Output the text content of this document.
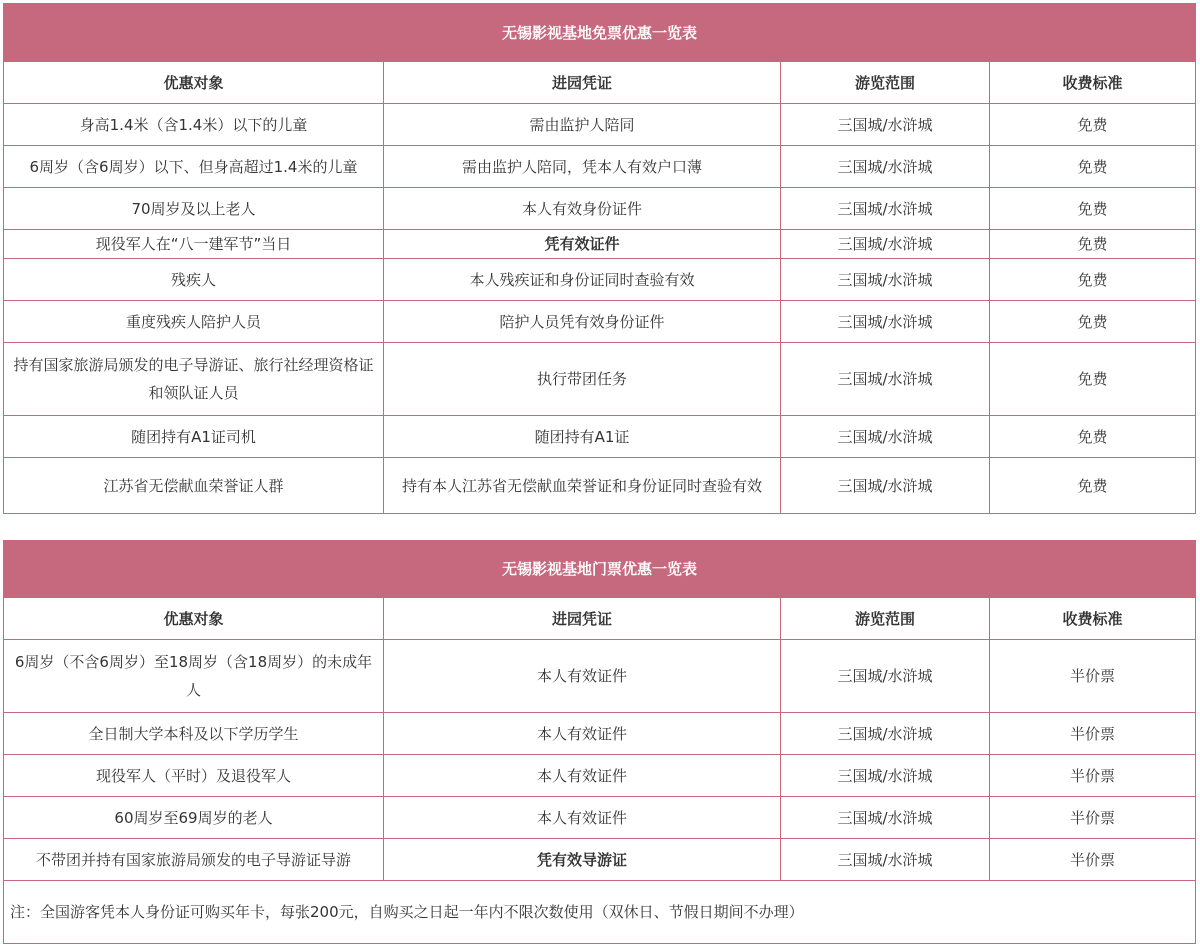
无锡影视基地免票优惠一览表			
优惠对象	进园凭证	游览范围	收费标准
身高1.4米（含1.4米）以下的儿童	需由监护人陪同	三国城/水浒城	免费
6周岁（含6周岁）以下、但身高超过1.4米的儿童	需由监护人陪同，凭本人有效户口薄	三国城/水浒城	免费
70周岁及以上老人	本人有效身份证件	三国城/水浒城	免费
现役军人在“八一建军节”当日	凭有效证件	三国城/水浒城	免费
残疾人	本人残疾证和身份证同时查验有效	三国城/水浒城	免费
重度残疾人陪护人员	陪护人员凭有效身份证件	三国城/水浒城	免费
持有国家旅游局颁发的电子导游证、旅行社经理资格证和领队证人员	执行带团任务	三国城/水浒城	免费
随团持有A1证司机	随团持有A1证	三国城/水浒城	免费
江苏省无偿献血荣誉证人群	持有本人江苏省无偿献血荣誉证和身份证同时查验有效	三国城/水浒城	免费
无锡影视基地门票优惠一览表			
优惠对象	进园凭证	游览范围	收费标准
6周岁（不含6周岁）至18周岁（含18周岁）的未成年人	本人有效证件	三国城/水浒城	半价票
全日制大学本科及以下学历学生	本人有效证件	三国城/水浒城	半价票
现役军人（平时）及退役军人	本人有效证件	三国城/水浒城	半价票
60周岁至69周岁的老人	本人有效证件	三国城/水浒城	半价票
不带团并持有国家旅游局颁发的电子导游证导游	凭有效导游证	三国城/水浒城	半价票
注：全国游客凭本人身份证可购买年卡，每张200元，自购买之日起一年内不限次数使用（双休日、节假日期间不办理）			
